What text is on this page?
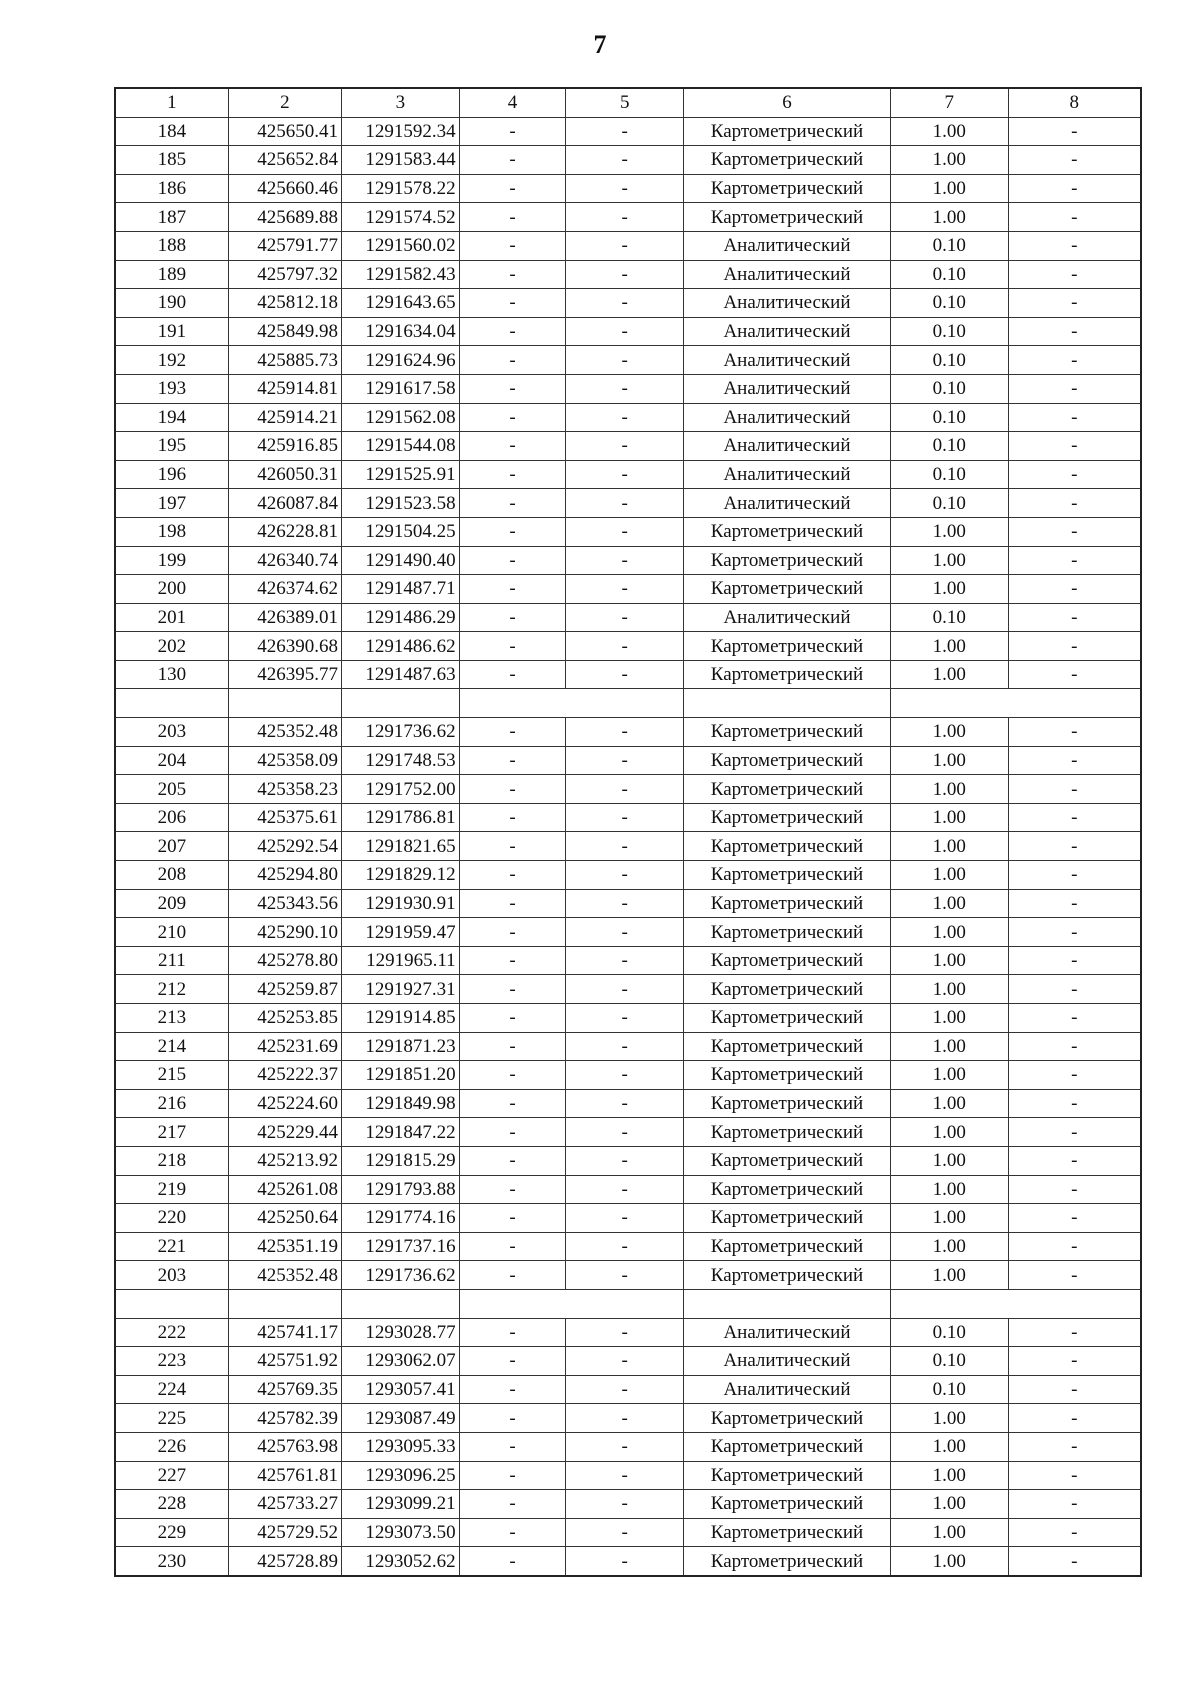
7
1	2	3	4	5	6	7	8
184	425650.41	1291592.34	-	-	Картометрический	1.00	-
185	425652.84	1291583.44	-	-	Картометрический	1.00	-
186	425660.46	1291578.22	-	-	Картометрический	1.00	-
187	425689.88	1291574.52	-	-	Картометрический	1.00	-
188	425791.77	1291560.02	-	-	Аналитический	0.10	-
189	425797.32	1291582.43	-	-	Аналитический	0.10	-
190	425812.18	1291643.65	-	-	Аналитический	0.10	-
191	425849.98	1291634.04	-	-	Аналитический	0.10	-
192	425885.73	1291624.96	-	-	Аналитический	0.10	-
193	425914.81	1291617.58	-	-	Аналитический	0.10	-
194	425914.21	1291562.08	-	-	Аналитический	0.10	-
195	425916.85	1291544.08	-	-	Аналитический	0.10	-
196	426050.31	1291525.91	-	-	Аналитический	0.10	-
197	426087.84	1291523.58	-	-	Аналитический	0.10	-
198	426228.81	1291504.25	-	-	Картометрический	1.00	-
199	426340.74	1291490.40	-	-	Картометрический	1.00	-
200	426374.62	1291487.71	-	-	Картометрический	1.00	-
201	426389.01	1291486.29	-	-	Аналитический	0.10	-
202	426390.68	1291486.62	-	-	Картометрический	1.00	-
130	426395.77	1291487.63	-	-	Картометрический	1.00	-

203	425352.48	1291736.62	-	-	Картометрический	1.00	-
204	425358.09	1291748.53	-	-	Картометрический	1.00	-
205	425358.23	1291752.00	-	-	Картометрический	1.00	-
206	425375.61	1291786.81	-	-	Картометрический	1.00	-
207	425292.54	1291821.65	-	-	Картометрический	1.00	-
208	425294.80	1291829.12	-	-	Картометрический	1.00	-
209	425343.56	1291930.91	-	-	Картометрический	1.00	-
210	425290.10	1291959.47	-	-	Картометрический	1.00	-
211	425278.80	1291965.11	-	-	Картометрический	1.00	-
212	425259.87	1291927.31	-	-	Картометрический	1.00	-
213	425253.85	1291914.85	-	-	Картометрический	1.00	-
214	425231.69	1291871.23	-	-	Картометрический	1.00	-
215	425222.37	1291851.20	-	-	Картометрический	1.00	-
216	425224.60	1291849.98	-	-	Картометрический	1.00	-
217	425229.44	1291847.22	-	-	Картометрический	1.00	-
218	425213.92	1291815.29	-	-	Картометрический	1.00	-
219	425261.08	1291793.88	-	-	Картометрический	1.00	-
220	425250.64	1291774.16	-	-	Картометрический	1.00	-
221	425351.19	1291737.16	-	-	Картометрический	1.00	-
203	425352.48	1291736.62	-	-	Картометрический	1.00	-

222	425741.17	1293028.77	-	-	Аналитический	0.10	-
223	425751.92	1293062.07	-	-	Аналитический	0.10	-
224	425769.35	1293057.41	-	-	Аналитический	0.10	-
225	425782.39	1293087.49	-	-	Картометрический	1.00	-
226	425763.98	1293095.33	-	-	Картометрический	1.00	-
227	425761.81	1293096.25	-	-	Картометрический	1.00	-
228	425733.27	1293099.21	-	-	Картометрический	1.00	-
229	425729.52	1293073.50	-	-	Картометрический	1.00	-
230	425728.89	1293052.62	-	-	Картометрический	1.00	-
